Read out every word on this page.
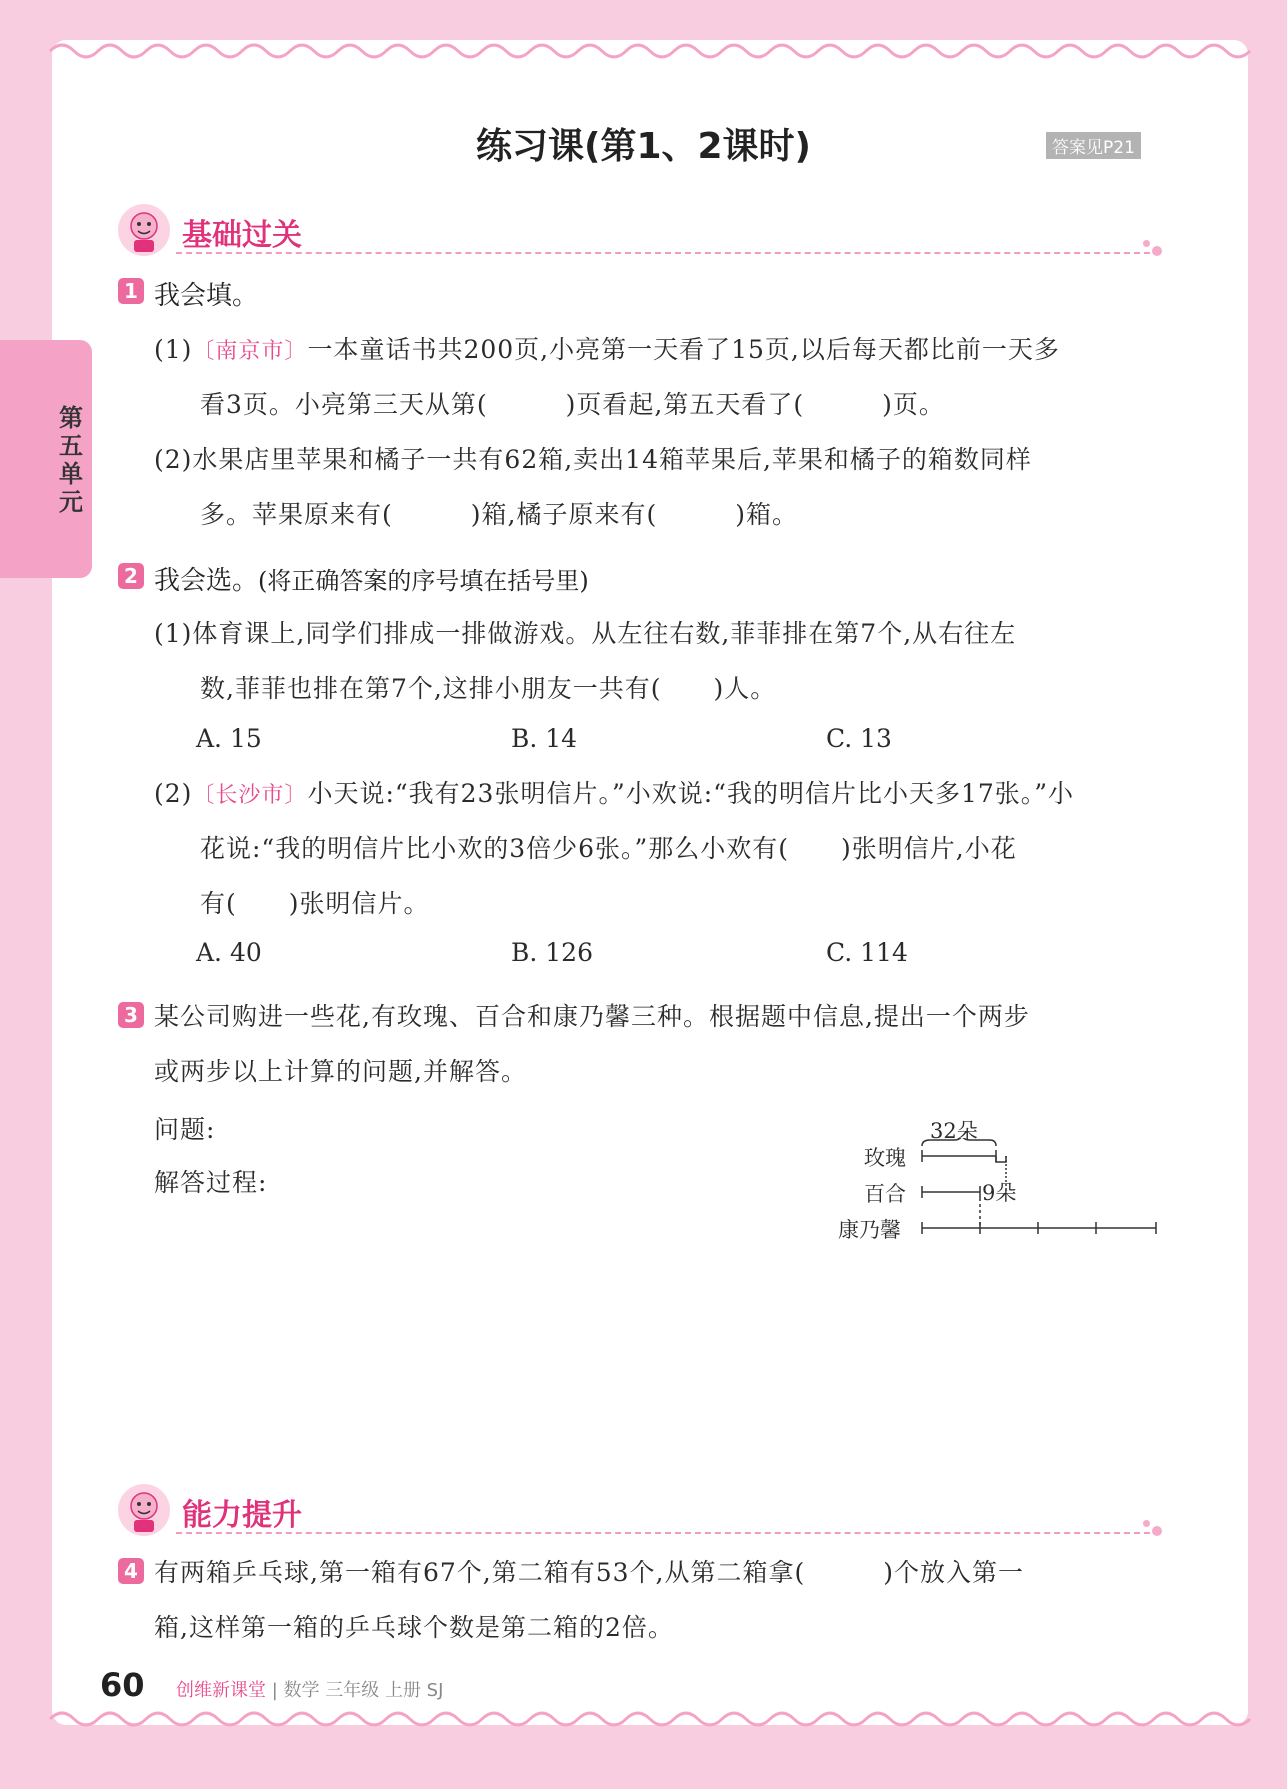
第五单元
练习课(第1、2课时)	答案见P21
基础过关
1 我会填。
(1)〔南京市〕一本童话书共200页,小亮第一天看了15页,以后每天都比前一天多
看3页。小亮第三天从第(　　　)页看起,第五天看了(　　　)页。
(2)水果店里苹果和橘子一共有62箱,卖出14箱苹果后,苹果和橘子的箱数同样
多。苹果原来有(　　　)箱,橘子原来有(　　　)箱。
2 我会选。(将正确答案的序号填在括号里)
(1)体育课上,同学们排成一排做游戏。从左往右数,菲菲排在第7个,从右往左
数,菲菲也排在第7个,这排小朋友一共有(　　)人。
A. 15	B. 14	C. 13
(2)〔长沙市〕小天说:“我有23张明信片。”小欢说:“我的明信片比小天多17张。”小
花说:“我的明信片比小欢的3倍少6张。”那么小欢有(　　)张明信片,小花
有(　　)张明信片。
A. 40	B. 126	C. 114
3 某公司购进一些花,有玫瑰、百合和康乃馨三种。根据题中信息,提出一个两步
或两步以上计算的问题,并解答。
问题:
解答过程:
32朵
玫瑰
百合
康乃馨
9朵
能力提升
4 有两箱乒乓球,第一箱有67个,第二箱有53个,从第二箱拿(　　　)个放入第一
箱,这样第一箱的乒乓球个数是第二箱的2倍。
60 创维新课堂 | 数学 三年级 上册 SJ
